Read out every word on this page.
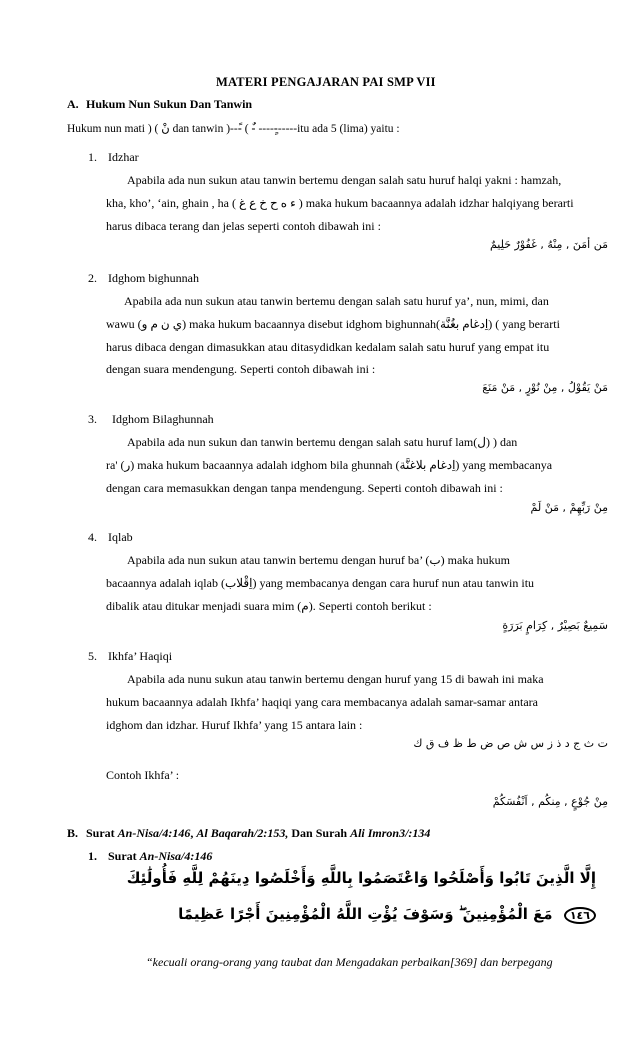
MATERI PENGAJARAN PAI SMP VII
A. Hukum Nun Sukun Dan Tanwin
Hukum nun mati ) ( نْ dan tanwin )---ً ( -ٌ -----ٍ-----itu ada 5 (lima) yaitu :
1. Idzhar
Apabila ada nun sukun atau tanwin bertemu dengan salah satu huruf halqi yakni : hamzah,
kha, kho’, ‘ain, ghain , ha ( ء ه ح خ ع غ ) maka hukum bacaannya adalah idzhar halqiyang berarti
harus dibaca terang dan jelas seperti contoh dibawah ini :
مَن أمَنَ , مِنْهُ , غَفُوْرٌ حَلِيمٌ
2. Idghom bighunnah
Apabila ada nun sukun atau tanwin bertemu dengan salah satu huruf ya’, nun, mimi, dan
wawu (ي ن م و) maka hukum bacaannya disebut idghom bighunnah(اِدغام بغُنَّة) ( yang berarti
harus dibaca dengan dimasukkan atau ditasydidkan kedalam salah satu huruf yang empat itu
dengan suara mendengung. Seperti contoh dibawah ini :
مَنْ يَقُوْلُ , مِنْ نُوْرٍ , مَنْ مَنَعَ
3. Idghom Bilaghunnah
Apabila ada nun sukun dan tanwin bertemu dengan salah satu huruf lam(ل) ) dan
ra' (ر) maka hukum bacaannya adalah idghom bila ghunnah (اِدغام بلاغنَّة) yang membacanya
dengan cara memasukkan dengan tanpa mendengung. Seperti contoh dibawah ini :
مِنْ رَبِّهِمْ , مَنْ لَمْ
4. Iqlab
Apabila ada nun sukun atau tanwin bertemu dengan huruf ba’ (ب) maka hukum
bacaannya adalah iqlab (اِقْلاب) yang membacanya dengan cara huruf nun atau tanwin itu
dibalik atau ditukar menjadi suara mim (م). Seperti contoh berikut :
سَمِيعٌ بَصِيْرٌ , كِرَامٍ بَرَرَةٍ
5. Ikhfa’ Haqiqi
Apabila ada nunu sukun atau tanwin bertemu dengan huruf yang 15 di bawah ini maka
hukum bacaannya adalah Ikhfa’ haqiqi yang cara membacanya adalah samar-samar antara
idghom dan idzhar. Huruf Ikhfa’ yang 15 antara lain :
ت ث ج د ذ ز س ش ص ض ط ظ ف ق ك
Contoh Ikhfa’ :
مِنْ جُوْعٍ , مِنكُم , اَنْفُسَكُمْ
B. Surat An-Nisa/4:146, Al Baqarah/2:153, Dan Surah Ali Imron3/:134
1. Surat An-Nisa/4:146
إِلَّا الَّذِينَ تَابُوا وَأَصْلَحُوا وَاعْتَصَمُوا بِاللَّهِ وَأَخْلَصُوا دِينَهُمْ لِلَّهِ فَأُولَٰئِكَ
١٤٦ مَعَ الْمُؤْمِنِينَ ۖ وَسَوْفَ يُؤْتِ اللَّهُ الْمُؤْمِنِينَ أَجْرًا عَظِيمًا
“kecuali orang-orang yang taubat dan Mengadakan perbaikan[369] dan berpegang
